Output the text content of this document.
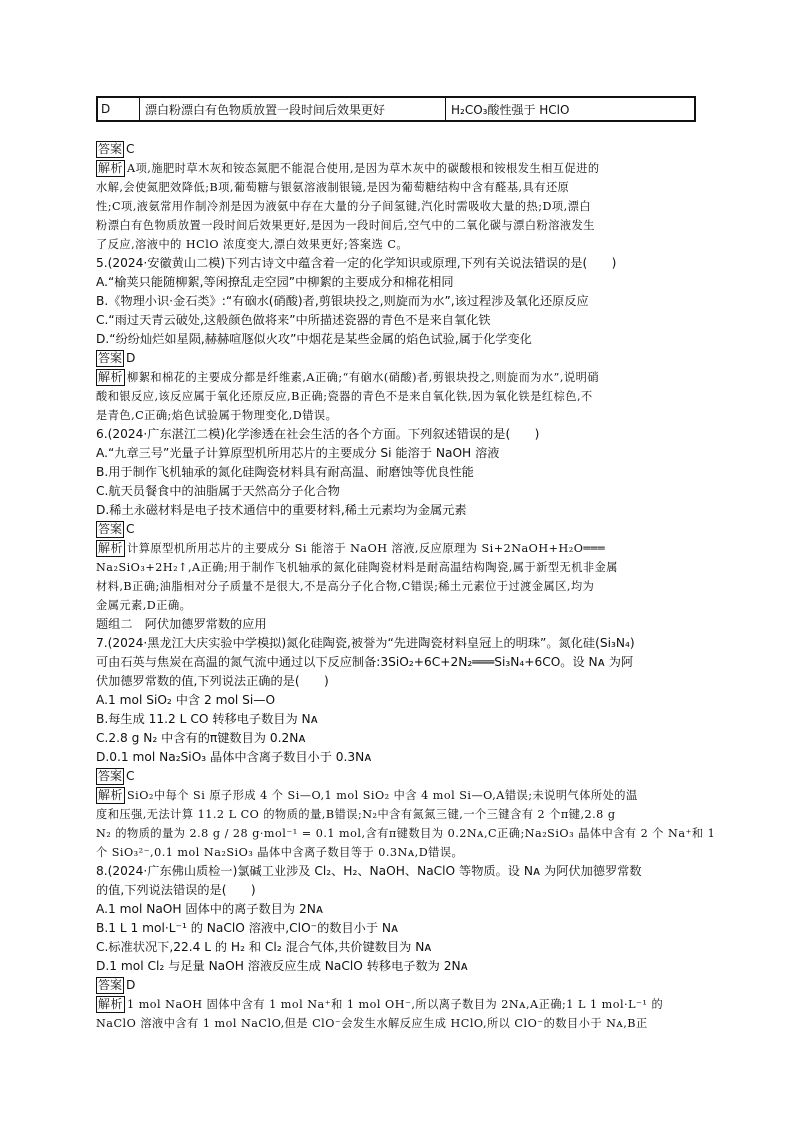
D	漂白粉漂白有色物质放置一段时间后效果更好	H₂CO₃酸性强于 HClO
答案 C
解析 A项,施肥时草木灰和铵态氮肥不能混合使用,是因为草木灰中的碳酸根和铵根发生相互促进的
水解,会使氮肥效降低;B项,葡萄糖与银氨溶液制银镜,是因为葡萄糖结构中含有醛基,具有还原
性;C项,液氨常用作制冷剂是因为液氨中存在大量的分子间氢键,汽化时需吸收大量的热;D项,漂白
粉漂白有色物质放置一段时间后效果更好,是因为一段时间后,空气中的二氧化碳与漂白粉溶液发生
了反应,溶液中的 HClO 浓度变大,漂白效果更好;答案选 C。
5.(2024·安徽黄山二模)下列古诗文中蕴含着一定的化学知识或原理,下列有关说法错误的是(　　)
A.“榆荚只能随柳絮,等闲撩乱走空园”中柳絮的主要成分和棉花相同
B.《物理小识·金石类》:“有硇水(硝酸)者,剪银块投之,则旋而为水”,该过程涉及氧化还原反应
C.“雨过天青云破处,这般颜色做将来”中所描述瓷器的青色不是来自氧化铁
D.“纷纷灿烂如星陨,赫赫喧豗似火攻”中烟花是某些金属的焰色试验,属于化学变化
答案 D
解析 柳絮和棉花的主要成分都是纤维素,A正确;“有硇水(硝酸)者,剪银块投之,则旋而为水”,说明硝
酸和银反应,该反应属于氧化还原反应,B正确;瓷器的青色不是来自氧化铁,因为氧化铁是红棕色,不
是青色,C正确;焰色试验属于物理变化,D错误。
6.(2024·广东湛江二模)化学渗透在社会生活的各个方面。下列叙述错误的是(　　)
A.“九章三号”光量子计算原型机所用芯片的主要成分 Si 能溶于 NaOH 溶液
B.用于制作飞机轴承的氮化硅陶瓷材料具有耐高温、耐磨蚀等优良性能
C.航天员餐食中的油脂属于天然高分子化合物
D.稀土永磁材料是电子技术通信中的重要材料,稀土元素均为金属元素
答案 C
解析 计算原型机所用芯片的主要成分 Si 能溶于 NaOH 溶液,反应原理为 Si+2NaOH+H₂O═══
Na₂SiO₃+2H₂↑,A正确;用于制作飞机轴承的氮化硅陶瓷材料是耐高温结构陶瓷,属于新型无机非金属
材料,B正确;油脂相对分子质量不是很大,不是高分子化合物,C错误;稀土元素位于过渡金属区,均为
金属元素,D正确。
题组二　阿伏加德罗常数的应用
7.(2024·黑龙江大庆实验中学模拟)氮化硅陶瓷,被誉为“先进陶瓷材料皇冠上的明珠”。氮化硅(Si₃N₄)
可由石英与焦炭在高温的氮气流中通过以下反应制备:3SiO₂+6C+2N₂═══Si₃N₄+6CO。设 Nᴀ 为阿
伏加德罗常数的值,下列说法正确的是(　　)
A.1 mol SiO₂ 中含 2 mol Si—O
B.每生成 11.2 L CO 转移电子数目为 Nᴀ
C.2.8 g N₂ 中含有的π键数目为 0.2Nᴀ
D.0.1 mol Na₂SiO₃ 晶体中含离子数目小于 0.3Nᴀ
答案 C
解析 SiO₂中每个 Si 原子形成 4 个 Si—O,1 mol SiO₂ 中含 4 mol Si—O,A错误;未说明气体所处的温
度和压强,无法计算 11.2 L CO 的物质的量,B错误;N₂中含有氮氮三键,一个三键含有 2 个π键,2.8 g
N₂ 的物质的量为 2.8 g / 28 g·mol⁻¹ = 0.1 mol,含有π键数目为 0.2Nᴀ,C正确;Na₂SiO₃ 晶体中含有 2 个 Na⁺和 1
个 SiO₃²⁻,0.1 mol Na₂SiO₃ 晶体中含离子数目等于 0.3Nᴀ,D错误。
8.(2024·广东佛山质检一)氯碱工业涉及 Cl₂、H₂、NaOH、NaClO 等物质。设 Nᴀ 为阿伏加德罗常数
的值,下列说法错误的是(　　)
A.1 mol NaOH 固体中的离子数目为 2Nᴀ
B.1 L 1 mol·L⁻¹ 的 NaClO 溶液中,ClO⁻的数目小于 Nᴀ
C.标准状况下,22.4 L 的 H₂ 和 Cl₂ 混合气体,共价键数目为 Nᴀ
D.1 mol Cl₂ 与足量 NaOH 溶液反应生成 NaClO 转移电子数为 2Nᴀ
答案 D
解析 1 mol NaOH 固体中含有 1 mol Na⁺和 1 mol OH⁻,所以离子数目为 2Nᴀ,A正确;1 L 1 mol·L⁻¹ 的
NaClO 溶液中含有 1 mol NaClO,但是 ClO⁻会发生水解反应生成 HClO,所以 ClO⁻的数目小于 Nᴀ,B正
